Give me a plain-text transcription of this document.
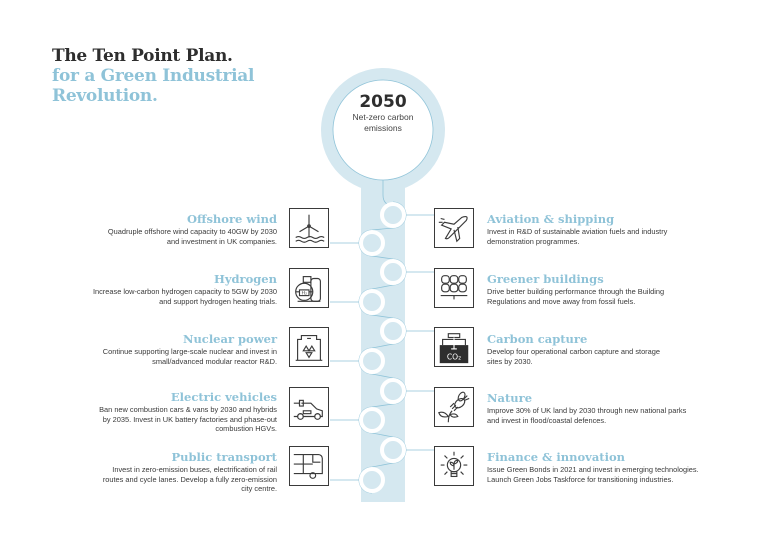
The Ten Point Plan.
for a Green Industrial
Revolution.	2050
Net-zero carbon
emissions
Offshore wind

Quadruple offshore wind capacity to 40GW by 2030
and investment in UK companies.

Hydrogen

Increase low-carbon hydrogen capacity to 5GW by 2030
and support hydrogen heating trials.

H₂
Nuclear power

Continue supporting large-scale nuclear and invest in
small/advanced modular reactor R&D.

Electric vehicles

Ban new combustion cars & vans by 2030 and hybrids
by 2035. Invest in UK battery factories and phase-out
combustion HGVs.

Public transport

Invest in zero-emission buses, electrification of rail
routes and cycle lanes. Develop a fully zero-emission
city centre.

Aviation & shipping

Invest in R&D of sustainable aviation fuels and industry
demonstration programmes.

Greener buildings

Drive better building performance through the Building
Regulations and move away from fossil fuels.

Carbon capture

Develop four operational carbon capture and storage
sites by 2030.

CO₂
Nature

Improve 30% of UK land by 2030 through new national parks
and invest in flood/coastal defences.

Finance & innovation

Issue Green Bonds in 2021 and invest in emerging technologies.
Launch Green Jobs Taskforce for transitioning industries.
